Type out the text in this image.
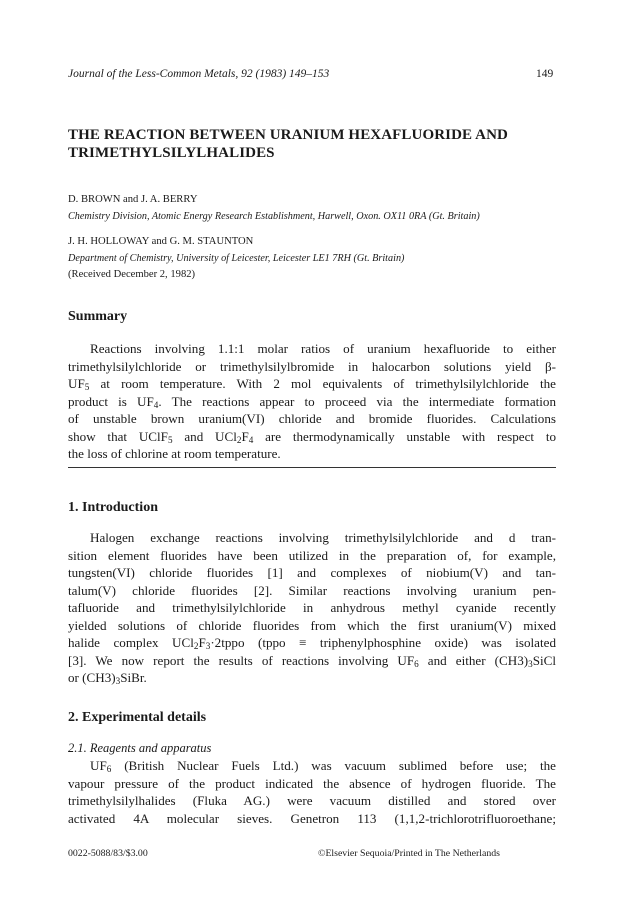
Journal of the Less-Common Metals, 92 (1983) 149–153	149
THE REACTION BETWEEN URANIUM HEXAFLUORIDE AND
TRIMETHYLSILYLHALIDES
D. BROWN and J. A. BERRY
Chemistry Division, Atomic Energy Research Establishment, Harwell, Oxon. OX11 0RA (Gt. Britain)
J. H. HOLLOWAY and G. M. STAUNTON
Department of Chemistry, University of Leicester, Leicester LE1 7RH (Gt. Britain)
(Received December 2, 1982)
Summary
Reactions involving 1.1:1 molar ratios of uranium hexafluoride to either
trimethylsilylchloride or trimethylsilylbromide in halocarbon solutions yield β-
$UF_5$ at room temperature. With 2 mol equivalents of trimethylsilylchloride the
product is $UF_4$. The reactions appear to proceed via the intermediate formation
of unstable brown uranium(VI) chloride and bromide fluorides. Calculations
show that UClF$_5$ and $UCl_2F_4$ are thermodynamically unstable with respect to
the loss of chlorine at room temperature.
1. Introduction
Halogen exchange reactions involving trimethylsilylchloride and d tran-
sition element fluorides have been utilized in the preparation of, for example,
tungsten(VI) chloride fluorides [1] and complexes of niobium(V) and tan-
talum(V) chloride fluorides [2]. Similar reactions involving uranium pen-
tafluoride and trimethylsilylchloride in anhydrous methyl cyanide recently
yielded solutions of chloride fluorides from which the first uranium(V) mixed
halide complex $UCl_2F_3\cdot 2tppo$ (tppo ≡ triphenylphosphine oxide) was isolated
[3]. We now report the results of reactions involving $UF_6$ and either $(CH3)_3SiCl$
or $(CH3)_3SiBr$.
2. Experimental details
2.1. Reagents and apparatus
$UF_6$ (British Nuclear Fuels Ltd.) was vacuum sublimed before use; the
vapour pressure of the product indicated the absence of hydrogen fluoride. The
trimethylsilylhalides (Fluka AG.) were vacuum distilled and stored over
activated 4A molecular sieves. Genetron 113 (1,1,2-trichlorotrifluoroethane;
0022-5088/83/$3.00	©Elsevier Sequoia/Printed in The Netherlands
